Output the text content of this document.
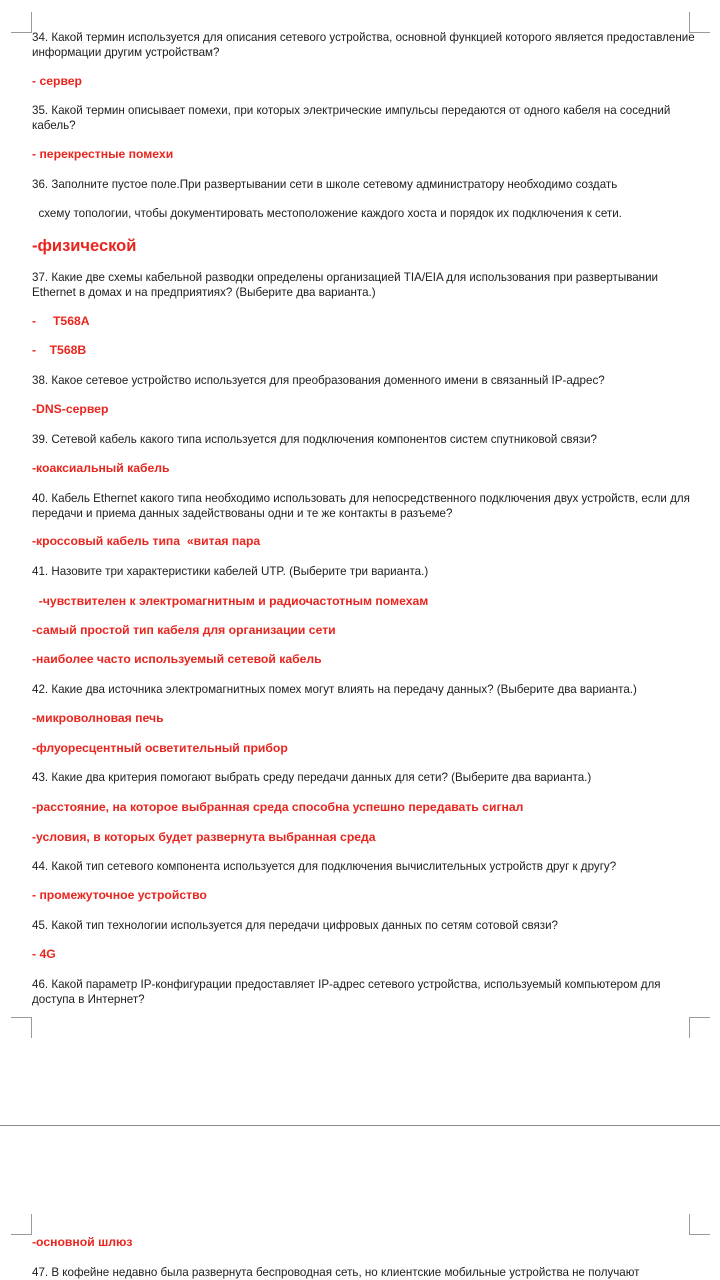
34. Какой термин используется для описания сетевого устройства, основной функцией которого является предоставление информации другим устройствам?

- сервер

35. Какой термин описывает помехи, при которых электрические импульсы передаются от одного кабеля на соседний кабель?

- перекрестные помехи

36. Заполните пустое поле.При развертывании сети в школе сетевому администратору необходимо создать

схему топологии, чтобы документировать местоположение каждого хоста и порядок их подключения к сети.

-физической

37. Какие две схемы кабельной разводки определены организацией TIA/EIA для использования при развертывании Ethernet в домах и на предприятиях? (Выберите два варианта.)

-     T568A

-    T568B

38. Какое сетевое устройство используется для преобразования доменного имени в связанный IP-адрес?

-DNS-сервер

39. Сетевой кабель какого типа используется для подключения компонентов систем спутниковой связи?

-коаксиальный кабель

40. Кабель Ethernet какого типа необходимо использовать для непосредственного подключения двух устройств, если для передачи и приема данных задействованы одни и те же контакты в разъеме?

-кроссовый кабель типа  «витая пара

41. Назовите три характеристики кабелей UTP. (Выберите три варианта.)

-чувствителен к электромагнитным и радиочастотным помехам

-самый простой тип кабеля для организации сети

-наиболее часто используемый сетевой кабель

42. Какие два источника электромагнитных помех могут влиять на передачу данных? (Выберите два варианта.)

-микроволновая печь

-флуоресцентный осветительный прибор

43. Какие два критерия помогают выбрать среду передачи данных для сети? (Выберите два варианта.)

-расстояние, на которое выбранная среда способна успешно передавать сигнал

-условия, в которых будет развернута выбранная среда

44. Какой тип сетевого компонента используется для подключения вычислительных устройств друг к другу?

- промежуточное устройство

45. Какой тип технологии используется для передачи цифровых данных по сетям сотовой связи?

- 4G

46. Какой параметр IP-конфигурации предоставляет IP-адрес сетевого устройства, используемый компьютером для доступа в Интернет?

-основной шлюз

47. В кофейне недавно была развернута беспроводная сеть, но клиентские мобильные устройства не получают
